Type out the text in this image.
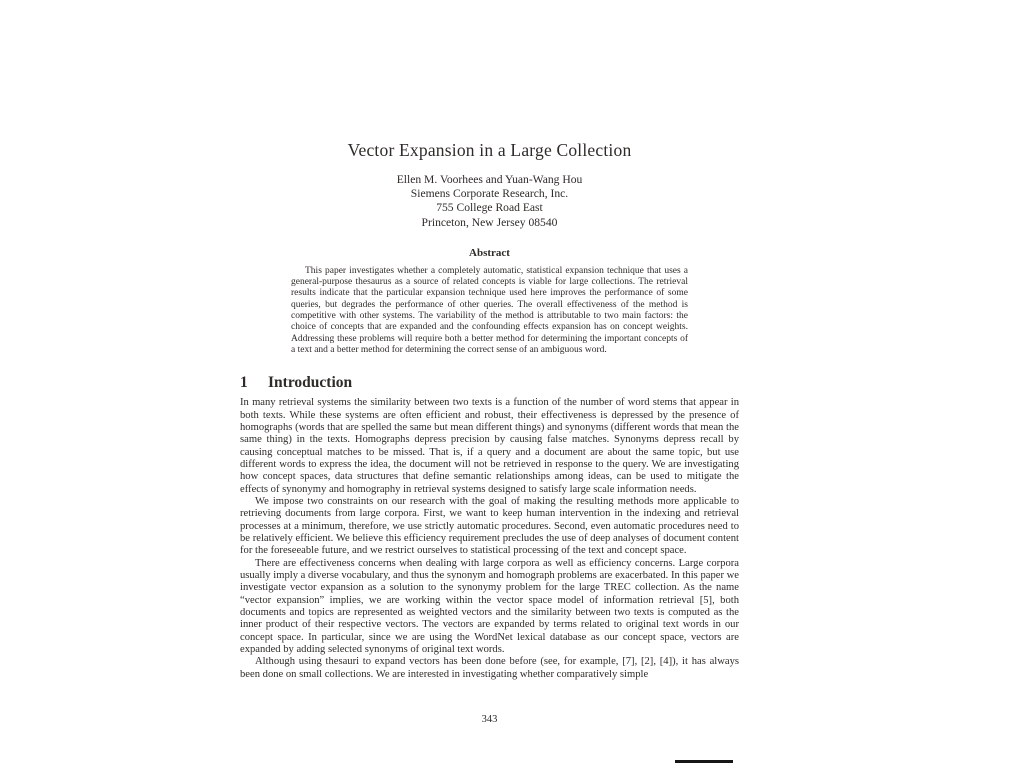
Vector Expansion in a Large Collection
Ellen M. Voorhees and Yuan-Wang Hou
Siemens Corporate Research, Inc.
755 College Road East
Princeton, New Jersey 08540
Abstract

This paper investigates whether a completely automatic, statistical expansion technique that uses a general-purpose thesaurus as a source of related concepts is viable for large collections. The retrieval results indicate that the particular expansion technique used here improves the performance of some queries, but degrades the performance of other queries. The overall effectiveness of the method is competitive with other systems. The variability of the method is attributable to two main factors: the choice of concepts that are expanded and the confounding effects expansion has on concept weights. Addressing these problems will require both a better method for determining the important concepts of a text and a better method for determining the correct sense of an ambiguous word.

1 Introduction

In many retrieval systems the similarity between two texts is a function of the number of word stems that appear in both texts. While these systems are often efficient and robust, their effectiveness is depressed by the presence of homographs (words that are spelled the same but mean different things) and synonyms (different words that mean the same thing) in the texts. Homographs depress precision by causing false matches. Synonyms depress recall by causing conceptual matches to be missed. That is, if a query and a document are about the same topic, but use different words to express the idea, the document will not be retrieved in response to the query. We are investigating how concept spaces, data structures that define semantic relationships among ideas, can be used to mitigate the effects of synonymy and homography in retrieval systems designed to satisfy large scale information needs.

We impose two constraints on our research with the goal of making the resulting methods more applicable to retrieving documents from large corpora. First, we want to keep human intervention in the indexing and retrieval processes at a minimum, therefore, we use strictly automatic procedures. Second, even automatic procedures need to be relatively efficient. We believe this efficiency requirement precludes the use of deep analyses of document content for the foreseeable future, and we restrict ourselves to statistical processing of the text and concept space.

There are effectiveness concerns when dealing with large corpora as well as efficiency concerns. Large corpora usually imply a diverse vocabulary, and thus the synonym and homograph problems are exacerbated. In this paper we investigate vector expansion as a solution to the synonymy problem for the large TREC collection. As the name “vector expansion” implies, we are working within the vector space model of information retrieval [5], both documents and topics are represented as weighted vectors and the similarity between two texts is computed as the inner product of their respective vectors. The vectors are expanded by terms related to original text words in our concept space. In particular, since we are using the WordNet lexical database as our concept space, vectors are expanded by adding selected synonyms of original text words.

Although using thesauri to expand vectors has been done before (see, for example, [7], [2], [4]), it has always been done on small collections. We are interested in investigating whether comparatively simple

343
